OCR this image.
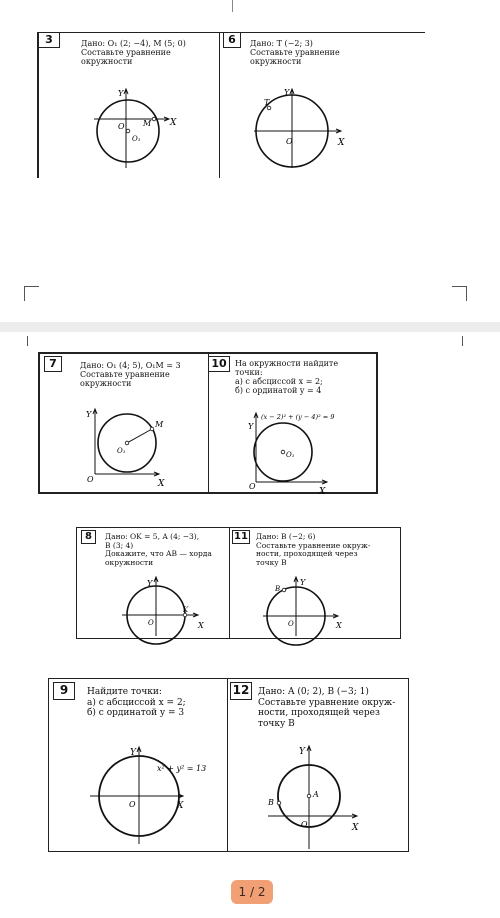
3	Дано: O₁ (2; −4), M (5; 0)
Составьте уравнение
окружности
Y
X
O M
O₁
6	Дано: T (−2; 3)
Составьте уравнение
окружности
Y
X
O
T
7	Дано: O₁ (4; 5), O₁M = 3
Составьте уравнение
окружности
Y
X
O
M
O₁
10	На окружности найдите
точки:
а) с абсциссой x = 2;
б) с ординатой y = 4
(x − 2)² + (y − 4)² = 9
Y
X
O
O₁
8	Дано: OK = 5, A (4; −3),
B (3; 4)
Докажите, что AB — хорда
окружности
Y
X
O
K
11 Дано: B (−2; 6)
Составьте уравнение окруж-
ности, проходящей через
точку B
Y
X
O
B
9	Найдите точки:
а) с абсциссой x = 2;
б) с ординатой y = 3
x² + y² = 13
Y
X
O
12 Дано: A (0; 2), B (−3; 1)
Составьте уравнение окруж-
ности, проходящей через
точку B
Y
X
O
A
B
1 / 2
